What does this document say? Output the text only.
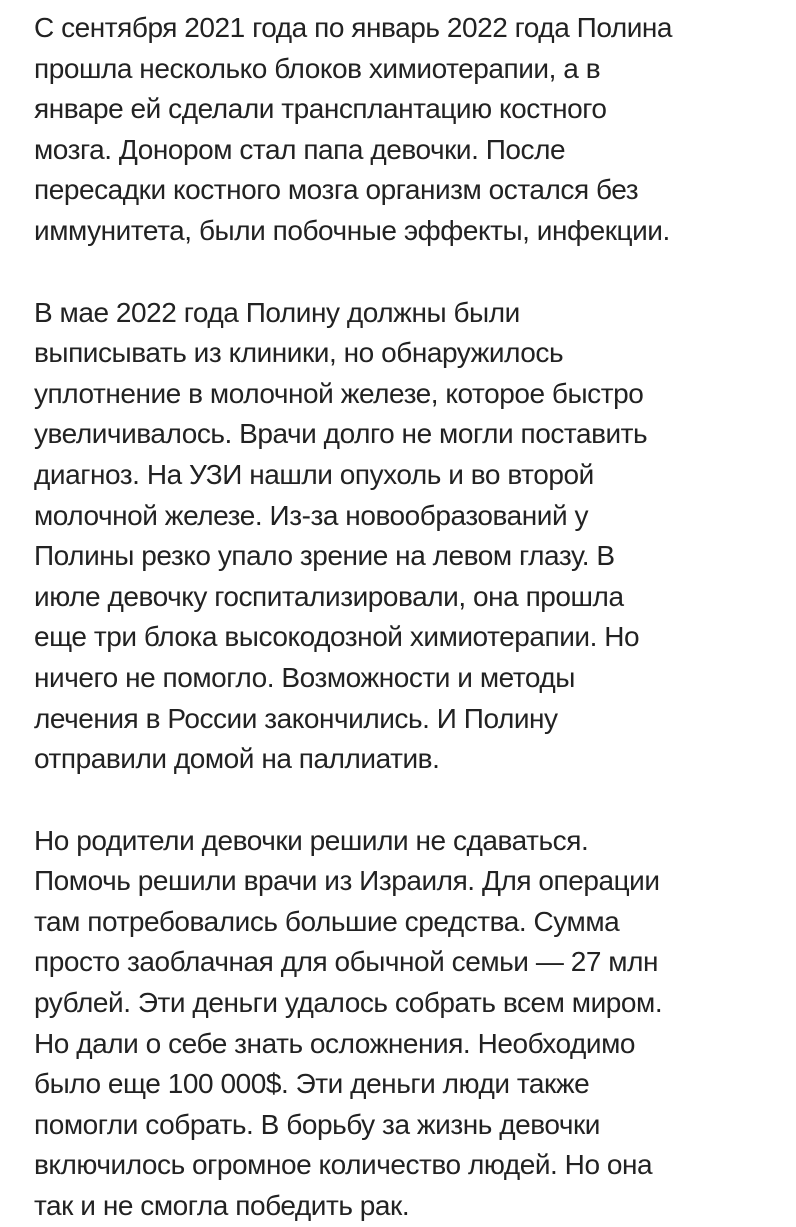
С сентября 2021 года по январь 2022 года Полина
прошла несколько блоков химиотерапии, а в
январе ей сделали трансплантацию костного
мозга. Донором стал папа девочки. После
пересадки костного мозга организм остался без
иммунитета, были побочные эффекты, инфекции.

В мае 2022 года Полину должны были
выписывать из клиники, но обнаружилось
уплотнение в молочной железе, которое быстро
увеличивалось. Врачи долго не могли поставить
диагноз. На УЗИ нашли опухоль и во второй
молочной железе. Из-за новообразований у
Полины резко упало зрение на левом глазу. В
июле девочку госпитализировали, она прошла
еще три блока высокодозной химиотерапии. Но
ничего не помогло. Возможности и методы
лечения в России закончились. И Полину
отправили домой на паллиатив.

Но родители девочки решили не сдаваться.
Помочь решили врачи из Израиля. Для операции
там потребовались большие средства. Сумма
просто заоблачная для обычной семьи — 27 млн
рублей. Эти деньги удалось собрать всем миром.
Но дали о себе знать осложнения. Необходимо
было еще 100 000$. Эти деньги люди также
помогли собрать. В борьбу за жизнь девочки
включилось огромное количество людей. Но она
так и не смогла победить рак.
